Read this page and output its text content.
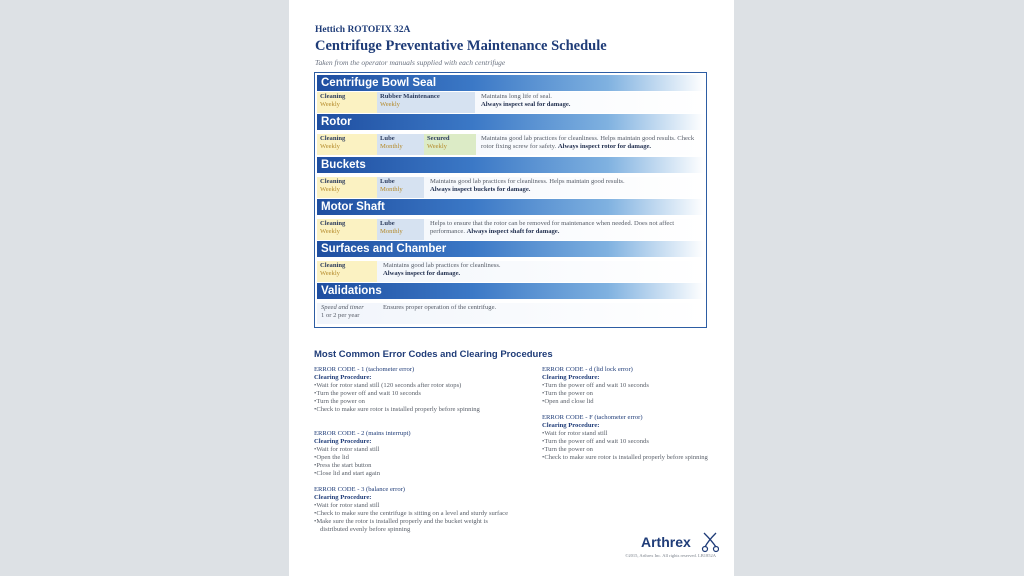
Hettich ROTOFIX 32A
Centrifuge Preventative Maintenance Schedule
Taken from the operator manuals supplied with each centrifuge
Centrifuge Bowl Seal
Cleaning
Weekly
Rubber Maintenance
Weekly
Maintains long life of seal.
Always inspect seal for damage.
Rotor
Cleaning
Weekly
Lube
Monthly
Secured
Weekly
Maintains good lab practices for cleanliness. Helps maintain good results. Check rotor fixing screw for safety. Always inspect rotor for damage.
Buckets
Cleaning
Weekly
Lube
Monthly
Maintains good lab practices for cleanliness. Helps maintain good results.
Always inspect buckets for damage.
Motor Shaft
Cleaning
Weekly
Lube
Monthly
Helps to ensure that the rotor can be removed for maintenance when needed. Does not affect performance. Always inspect shaft for damage.
Surfaces and Chamber
Cleaning
Weekly
Maintains good lab practices for cleanliness.
Always inspect for damage.
Validations
Speed and timer
1 or 2 per year
Ensures proper operation of the centrifuge.
Most Common Error Codes and Clearing Procedures
ERROR CODE - 1 (tachometer error)
Clearing Procedure:
• Wait for rotor stand still (120 seconds after rotor stops)
• Turn the power off and wait 10 seconds
• Turn the power on
• Check to make sure rotor is installed properly before spinning
ERROR CODE - 2 (mains interrupt)
Clearing Procedure:
• Wait for rotor stand still
• Open the lid
• Press the start button
• Close lid and start again
ERROR CODE - 3 (balance error)
Clearing Procedure:
• Wait for rotor stand still
• Check to make sure the centrifuge is sitting on a level and sturdy surface
• Make sure the rotor is installed properly and the bucket weight is distributed evenly before spinning
ERROR CODE - d (lid lock error)
Clearing Procedure:
• Turn the power off and wait 10 seconds
• Turn the power on
• Open and close lid
ERROR CODE - F (tachometer error)
Clearing Procedure:
• Wait for rotor stand still
• Turn the power off and wait 10 seconds
• Turn the power on
• Check to make sure rotor is installed properly before spinning
Arthrex
©2015, Arthrex Inc. All rights reserved. LB1852A
